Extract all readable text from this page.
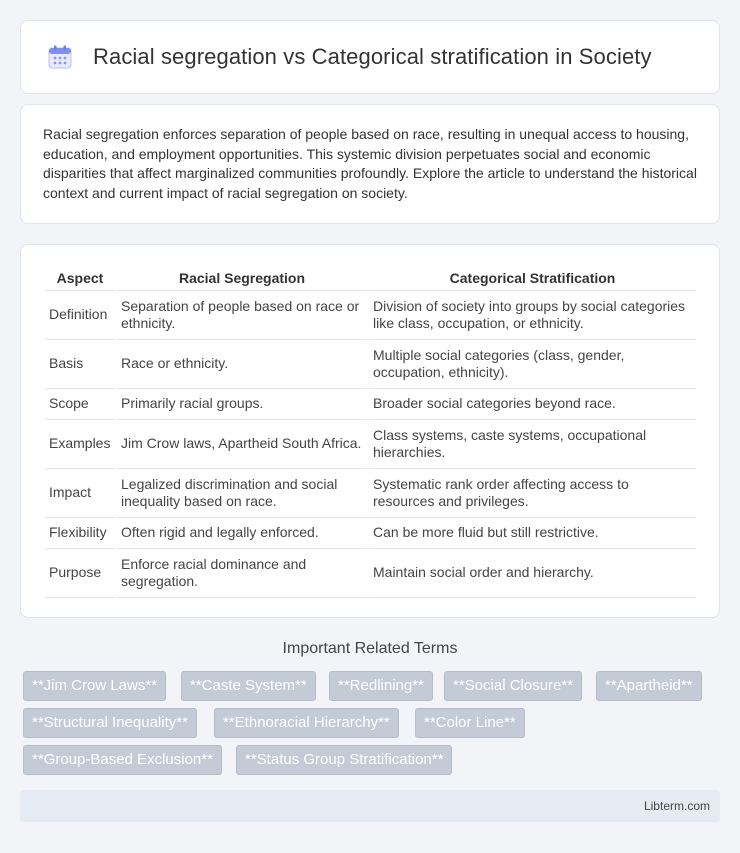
Racial segregation vs Categorical stratification in Society

Racial segregation enforces separation of people based on race, resulting in unequal access to housing, education, and employment opportunities. This systemic division perpetuates social and economic disparities that affect marginalized communities profoundly. Explore the article to understand the historical context and current impact of racial segregation on society.

Aspect	Racial Segregation	Categorical Stratification
Definition	Separation of people based on race or ethnicity.	Division of society into groups by social categories like class, occupation, or ethnicity.
Basis	Race or ethnicity.	Multiple social categories (class, gender, occupation, ethnicity).
Scope	Primarily racial groups.	Broader social categories beyond race.
Examples	Jim Crow laws, Apartheid South Africa.	Class systems, caste systems, occupational hierarchies.
Impact	Legalized discrimination and social inequality based on race.	Systematic rank order affecting access to resources and privileges.
Flexibility	Often rigid and legally enforced.	Can be more fluid but still restrictive.
Purpose	Enforce racial dominance and segregation.	Maintain social order and hierarchy.
Important Related Terms
**Jim Crow Laws**	**Caste System**	**Redlining**	**Social Closure**	**Apartheid**
**Structural Inequality**	**Ethnoracial Hierarchy**	**Color Line**
**Group-Based Exclusion**	**Status Group Stratification**
Libterm.com
